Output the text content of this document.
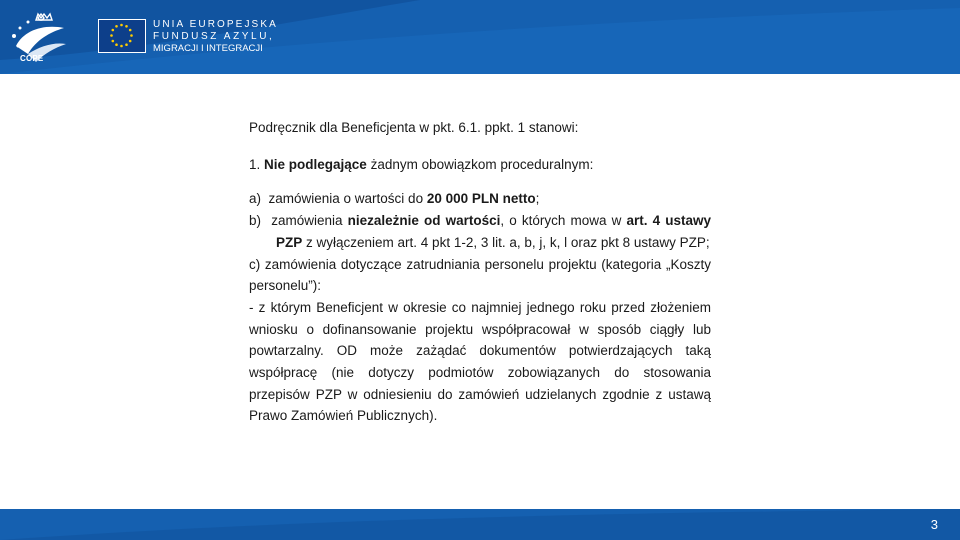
COPE
UNIA EUROPEJSKA
FUNDUSZ AZYLU,
MIGRACJI I INTEGRACJI

Podręcznik dla Beneficjenta w pkt. 6.1. ppkt. 1 stanowi:

1. Nie podlegające żadnym obowiązkom proceduralnym:

a)  zamówienia o wartości do 20 000 PLN netto;

b)  zamówienia niezależnie od wartości, o których mowa w art. 4 ustawy PZP z wyłączeniem art. 4 pkt 1-2, 3 lit. a, b, j, k, l oraz pkt 8 ustawy PZP;

c) zamówienia dotyczące zatrudniania personelu projektu (kategoria „Koszty personelu”):

- z którym Beneficjent w okresie co najmniej jednego roku przed złożeniem wniosku o dofinansowanie projektu współpracował w sposób ciągły lub powtarzalny. OD może zażądać dokumentów potwierdzających taką współpracę (nie dotyczy podmiotów zobowiązanych do stosowania przepisów PZP w odniesieniu do zamówień udzielanych zgodnie z ustawą Prawo Zamówień Publicznych).

3
